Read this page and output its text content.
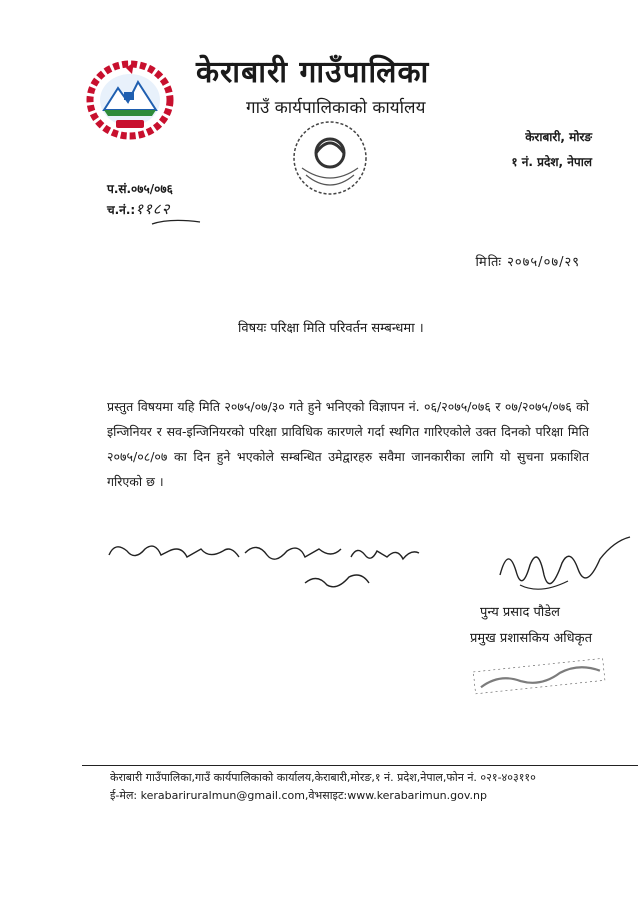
केराबारी गाउँपालिका
गाउँ कार्यपालिकाको कार्यालय
केराबारी, मोरङ
१ नं. प्रदेश, नेपाल
प.सं.०७५/०७६
च.नं.:११८२
मितिः २०७५/०७/२९
विषयः परिक्षा मिति परिवर्तन सम्बन्धमा ।
प्रस्तुत विषयमा यहि मिति २०७५/०७/३० गते हुने भनिएको विज्ञापन नं. ०६/२०७५/०७६ र ०७/२०७५/०७६ को इन्जिनियर र सव-इन्जिनियरको परिक्षा प्राविधिक कारणले गर्दा स्थगित गारिएकोले उक्त दिनको परिक्षा मिति २०७५/०८/०७ का दिन हुने भएकोले सम्बन्धित उमेद्वारहरु सवैमा जानकारीका लागि यो सुचना प्रकाशित गरिएको छ ।
पुन्य प्रसाद पौडेल
प्रमुख प्रशासकिय अधिकृत
केराबारी गाउँपालिका,गाउँ कार्यपालिकाको कार्यालय,केराबारी,मोरङ,१ नं. प्रदेश,नेपाल,फोन नं. ०२१-४०३११०
ई-मेल: kerabariruralmun@gmail.com,वेभसाइट:www.kerabarimun.gov.np
